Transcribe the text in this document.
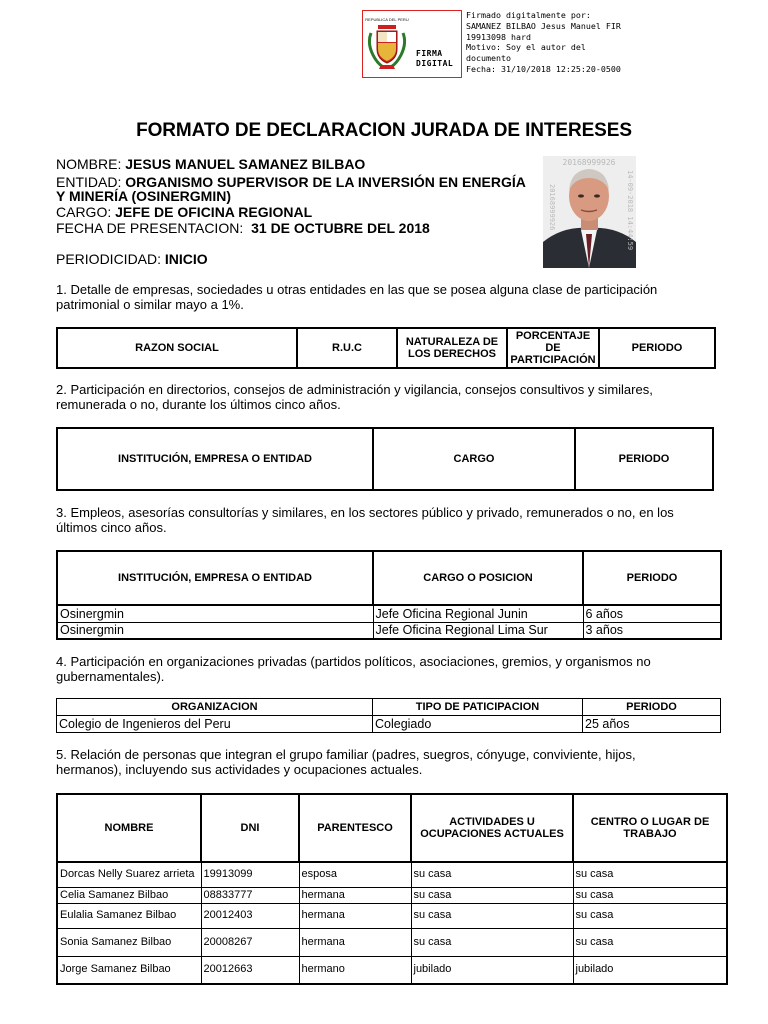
REPUBLICA DEL PERU
FIRMA
DIGITAL
Firmado digitalmente por:
SAMANEZ BILBAO Jesus Manuel FIR
19913098 hard
Motivo: Soy el autor del
documento
Fecha: 31/10/2018 12:25:20-0500
FORMATO DE DECLARACION JURADA DE INTERESES
NOMBRE: JESUS MANUEL SAMANEZ BILBAO
ENTIDAD: ORGANISMO SUPERVISOR DE LA INVERSIÓN EN ENERGÍA
Y MINERÍA (OSINERGMIN)
CARGO: JEFE DE OFICINA REGIONAL
FECHA DE PRESENTACION: 31 DE OCTUBRE DEL 2018
PERIODICIDAD: INICIO
20168999926
20168999926	14-09-2018 14:44:59
1. Detalle de empresas, sociedades u otras entidades en las que se posea alguna clase de participación
patrimonial o similar mayo a 1%.
RAZON SOCIAL	R.U.C	NATURALEZA DE LOS DERECHOS	PORCENTAJE DE PARTICIPACIÓN	PERIODO
2. Participación en directorios, consejos de administración y vigilancia, consejos consultivos y similares,
remunerada o no, durante los últimos cinco años.
INSTITUCIÓN, EMPRESA O ENTIDAD	CARGO	PERIODO
3. Empleos, asesorías consultorías y similares, en los sectores público y privado, remunerados o no, en los
últimos cinco años.
INSTITUCIÓN, EMPRESA O ENTIDAD	CARGO O POSICION	PERIODO
Osinergmin	Jefe Oficina Regional Junin	6 años
Osinergmin	Jefe Oficina Regional Lima Sur	3 años
4. Participación en organizaciones privadas (partidos políticos, asociaciones, gremios, y organismos no
gubernamentales).
ORGANIZACION	TIPO DE PATICIPACION	PERIODO
Colegio de Ingenieros del Peru	Colegiado	25 años
5. Relación de personas que integran el grupo familiar (padres, suegros, cónyuge, conviviente, hijos,
hermanos), incluyendo sus actividades y ocupaciones actuales.
NOMBRE	DNI	PARENTESCO	ACTIVIDADES U OCUPACIONES ACTUALES	CENTRO O LUGAR DE TRABAJO
Dorcas Nelly Suarez arrieta	19913099	esposa	su casa	su casa
Celia Samanez Bilbao	08833777	hermana	su casa	su casa
Eulalia Samanez Bilbao	20012403	hermana	su casa	su casa
Sonia Samanez Bilbao	20008267	hermana	su casa	su casa
Jorge Samanez Bilbao	20012663	hermano	jubilado	jubilado
